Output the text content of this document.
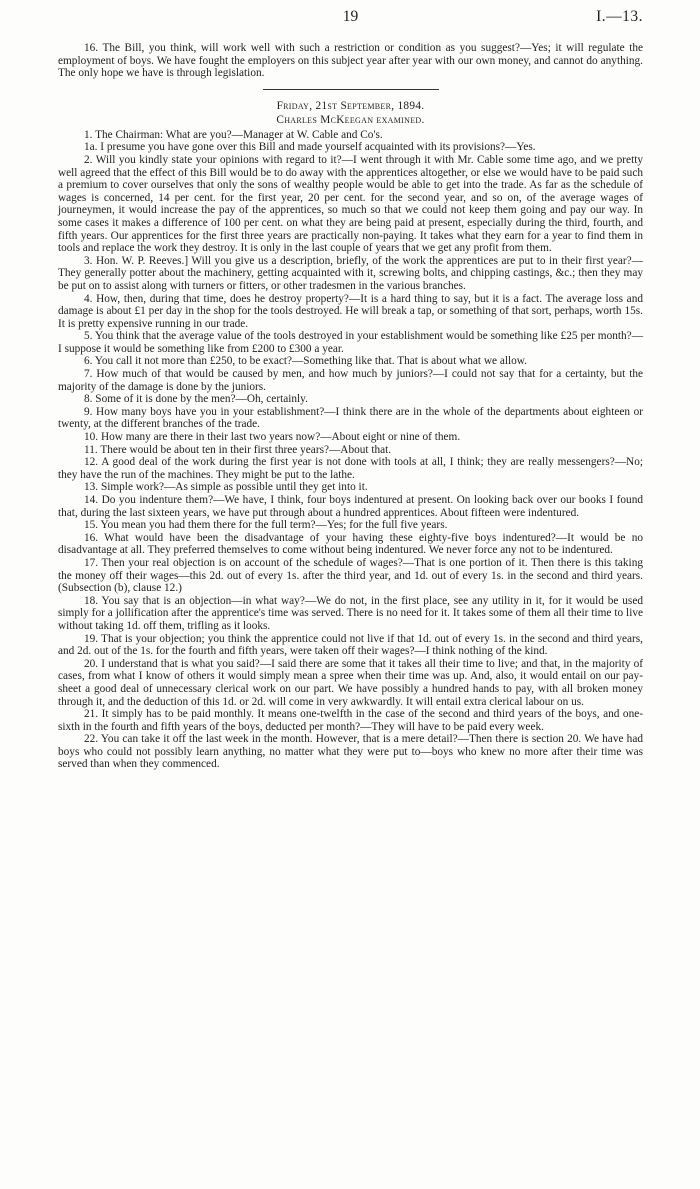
19	I.—13.

16. The Bill, you think, will work well with such a restriction or condition as you suggest?—Yes; it will regulate the employment of boys. We have fought the employers on this subject year after year with our own money, and cannot do anything. The only hope we have is through legislation.

Friday, 21st September, 1894.

Charles McKeegan examined.

1. The Chairman: What are you?—Manager at W. Cable and Co's.

1a. I presume you have gone over this Bill and made yourself acquainted with its provisions?—Yes.

2. Will you kindly state your opinions with regard to it?—I went through it with Mr. Cable some time ago, and we pretty well agreed that the effect of this Bill would be to do away with the apprentices altogether, or else we would have to be paid such a premium to cover ourselves that only the sons of wealthy people would be able to get into the trade. As far as the schedule of wages is concerned, 14 per cent. for the first year, 20 per cent. for the second year, and so on, of the average wages of journeymen, it would increase the pay of the apprentices, so much so that we could not keep them going and pay our way. In some cases it makes a difference of 100 per cent. on what they are being paid at present, especially during the third, fourth, and fifth years. Our apprentices for the first three years are practically non-paying. It takes what they earn for a year to find them in tools and replace the work they destroy. It is only in the last couple of years that we get any profit from them.

3. Hon. W. P. Reeves.] Will you give us a description, briefly, of the work the apprentices are put to in their first year?—They generally potter about the machinery, getting acquainted with it, screwing bolts, and chipping castings, &c.; then they may be put on to assist along with turners or fitters, or other tradesmen in the various branches.

4. How, then, during that time, does he destroy property?—It is a hard thing to say, but it is a fact. The average loss and damage is about £1 per day in the shop for the tools destroyed. He will break a tap, or something of that sort, perhaps, worth 15s. It is pretty expensive running in our trade.

5. You think that the average value of the tools destroyed in your establishment would be something like £25 per month?—I suppose it would be something like from £200 to £300 a year.

6. You call it not more than £250, to be exact?—Something like that. That is about what we allow.

7. How much of that would be caused by men, and how much by juniors?—I could not say that for a certainty, but the majority of the damage is done by the juniors.

8. Some of it is done by the men?—Oh, certainly.

9. How many boys have you in your establishment?—I think there are in the whole of the departments about eighteen or twenty, at the different branches of the trade.

10. How many are there in their last two years now?—About eight or nine of them.

11. There would be about ten in their first three years?—About that.

12. A good deal of the work during the first year is not done with tools at all, I think; they are really messengers?—No; they have the run of the machines. They might be put to the lathe.

13. Simple work?—As simple as possible until they get into it.

14. Do you indenture them?—We have, I think, four boys indentured at present. On looking back over our books I found that, during the last sixteen years, we have put through about a hundred apprentices. About fifteen were indentured.

15. You mean you had them there for the full term?—Yes; for the full five years.

16. What would have been the disadvantage of your having these eighty-five boys indentured?—It would be no disadvantage at all. They preferred themselves to come without being indentured. We never force any not to be indentured.

17. Then your real objection is on account of the schedule of wages?—That is one portion of it. Then there is this taking the money off their wages—this 2d. out of every 1s. after the third year, and 1d. out of every 1s. in the second and third years. (Subsection (b), clause 12.)

18. You say that is an objection—in what way?—We do not, in the first place, see any utility in it, for it would be used simply for a jollification after the apprentice's time was served. There is no need for it. It takes some of them all their time to live without taking 1d. off them, trifling as it looks.

19. That is your objection; you think the apprentice could not live if that 1d. out of every 1s. in the second and third years, and 2d. out of the 1s. for the fourth and fifth years, were taken off their wages?—I think nothing of the kind.

20. I understand that is what you said?—I said there are some that it takes all their time to live; and that, in the majority of cases, from what I know of others it would simply mean a spree when their time was up. And, also, it would entail on our pay-sheet a good deal of unnecessary clerical work on our part. We have possibly a hundred hands to pay, with all broken money through it, and the deduction of this 1d. or 2d. will come in very awkwardly. It will entail extra clerical labour on us.

21. It simply has to be paid monthly. It means one-twelfth in the case of the second and third years of the boys, and one-sixth in the fourth and fifth years of the boys, deducted per month?—They will have to be paid every week.

22. You can take it off the last week in the month. However, that is a mere detail?—Then there is section 20. We have had boys who could not possibly learn anything, no matter what they were put to—boys who knew no more after their time was served than when they commenced.
